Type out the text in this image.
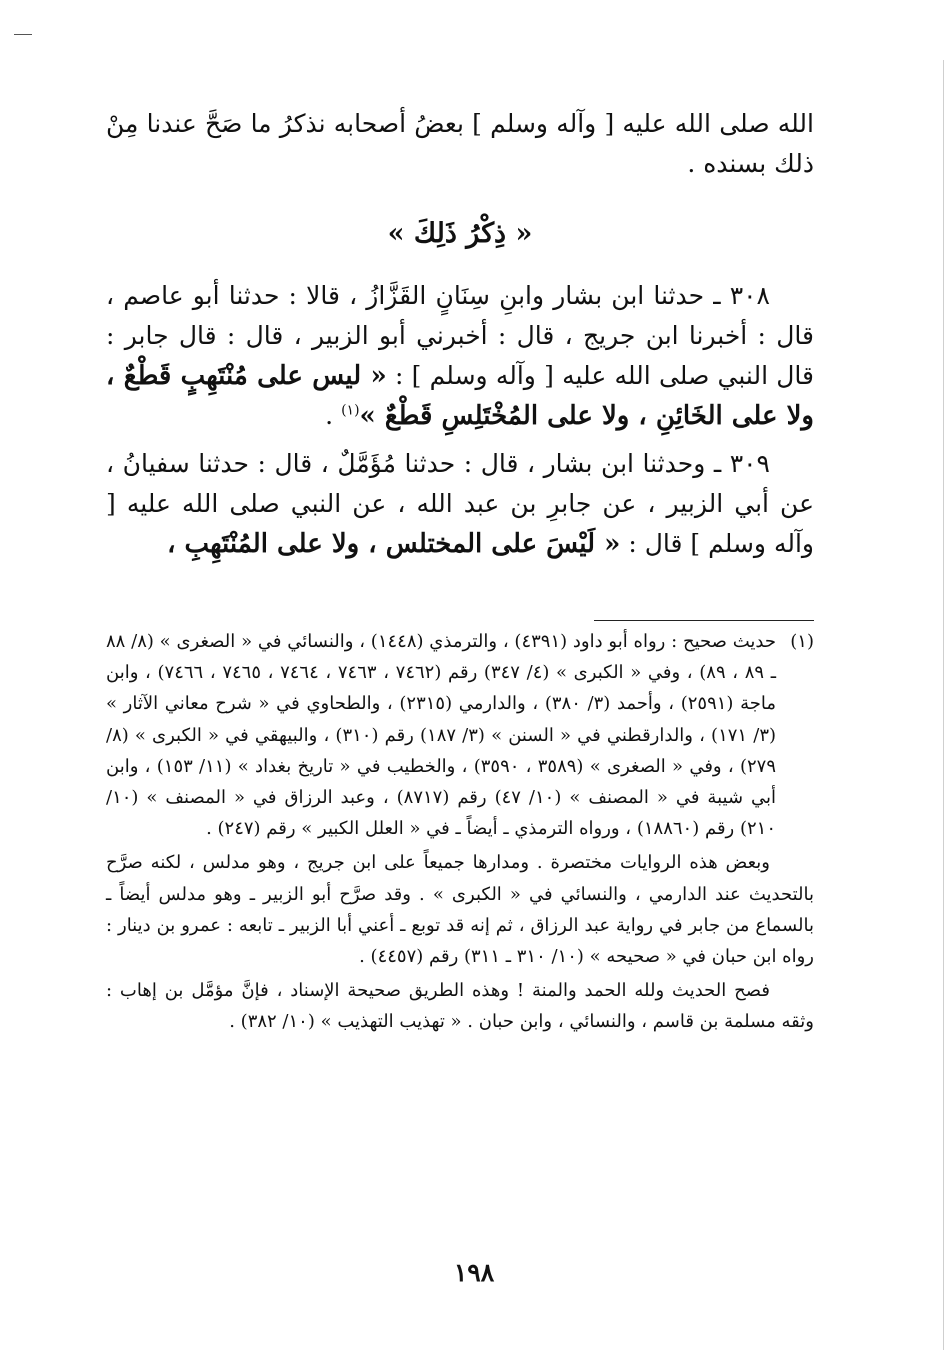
الله صلى الله عليه [ وآله وسلم ] بعضُ أصحابه نذكرُ ما صَحَّ عندنا مِنْ ذلك بسنده .

« ذِكْرُ ذَلِكَ »

٣٠٨ ـ حدثنا ابن بشار وابنِ سِنَانٍ القَزَّازُ ، قالا : حدثنا أبو عاصم ، قال : أخبرنا ابن جريج ، قال : أخبرني أبو الزبير ، قال : قال جابر : قال النبي صلى الله عليه [ وآله وسلم ] : « ليس على مُنْتَهِبٍ قَطْعٌ ، ولا على الخَائِنِ ، ولا على المُخْتَلِسِ قَطْعٌ »$^{(١)}$ .

٣٠٩ ـ وحدثنا ابن بشار ، قال : حدثنا مُؤَمَّلٌ ، قال : حدثنا سفيانُ ، عن أبي الزبير ، عن جابرِ بن عبد الله ، عن النبي صلى الله عليه [ وآله وسلم ] قال : « لَيْسَ على المختلس ، ولا على المُنْتَهِبِ ،

(١)حديث صحيح : رواه أبو داود (٤٣٩١) ، والترمذي (١٤٤٨) ، والنسائي في « الصغرى » (٨/ ٨٨ ـ ٨٩ ، ٨٩) ، وفي « الكبرى » (٤/ ٣٤٧) رقم (٧٤٦٢ ، ٧٤٦٣ ، ٧٤٦٤ ، ٧٤٦٥ ، ٧٤٦٦) ، وابن ماجة (٢٥٩١) ، وأحمد (٣/ ٣٨٠) ، والدارمي (٢٣١٥) ، والطحاوي في « شرح معاني الآثار » (٣/ ١٧١) ، والدارقطني في « السنن » (٣/ ١٨٧) رقم (٣١٠) ، والبيهقي في « الكبرى » (٨/ ٢٧٩) ، وفي « الصغرى » (٣٥٨٩ ، ٣٥٩٠) ، والخطيب في « تاريخ بغداد » (١١/ ١٥٣) ، وابن أبي شيبة في « المصنف » (١٠/ ٤٧) رقم (٨٧١٧) ، وعبد الرزاق في « المصنف » (١٠/ ٢١٠) رقم (١٨٨٦٠) ، ورواه الترمذي ـ أيضاً ـ في « العلل الكبير » رقم (٢٤٧) .

وبعض هذه الروايات مختصرة . ومدارها جميعاً على ابن جريج ، وهو مدلس ، لكنه صرَّح بالتحديث عند الدارمي ، والنسائي في « الكبرى » . وقد صرَّح أبو الزبير ـ وهو مدلس أيضاً ـ بالسماع من جابر في رواية عبد الرزاق ، ثم إنه قد توبع ـ أعني أبا الزبير ـ تابعه : عمرو بن دينار : رواه ابن حبان في « صحيحه » (١٠/ ٣١٠ ـ ٣١١) رقم (٤٤٥٧) .

فصح الحديث ولله الحمد والمنة ! وهذه الطريق صحيحة الإسناد ، فإنَّ مؤمَّل بن إهاب : وثقه مسلمة بن قاسم ، والنسائي ، وابن حبان . « تهذيب التهذيب » (١٠/ ٣٨٢) .

١٩٨
